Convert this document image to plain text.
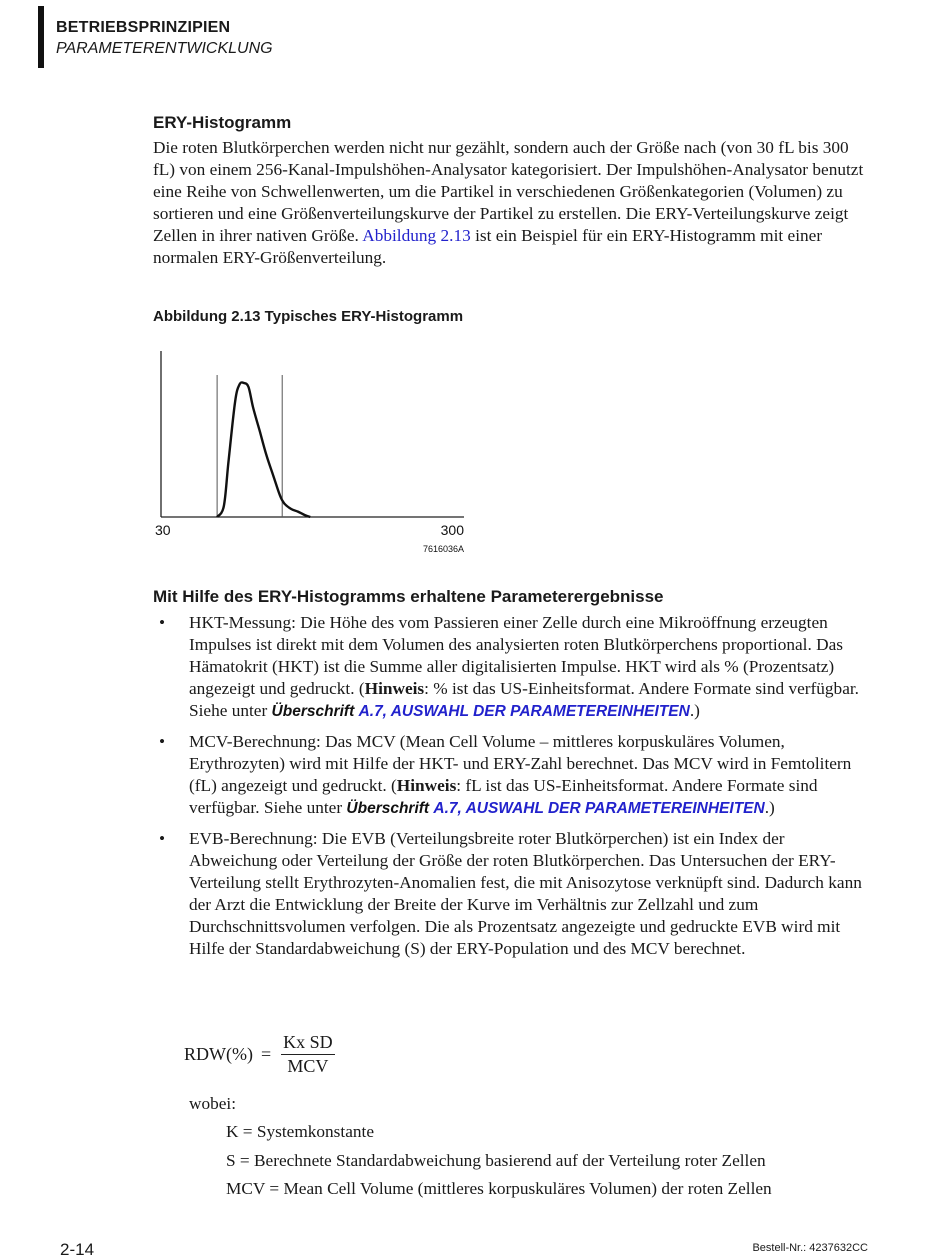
BETRIEBSPRINZIPIEN
PARAMETERENTWICKLUNG
ERY-Histogramm

Die roten Blutkörperchen werden nicht nur gezählt, sondern auch der Größe nach (von 30 fL bis 300 fL) von einem 256-Kanal-Impulshöhen-Analysator kategorisiert. Der Impulshöhen-Analysator benutzt eine Reihe von Schwellenwerten, um die Partikel in verschiedenen Größenkategorien (Volumen) zu sortieren und eine Größenverteilungskurve der Partikel zu erstellen. Die ERY-Verteilungskurve zeigt Zellen in ihrer nativen Größe. Abbildung 2.13 ist ein Beispiel für ein ERY-Histogramm mit einer normalen ERY-Größenverteilung.

Abbildung 2.13 Typisches ERY-Histogramm
30	300
7616036A
Mit Hilfe des ERY-Histogramms erhaltene Parameterergebnisse
• HKT-Messung: Die Höhe des vom Passieren einer Zelle durch eine Mikroöffnung erzeugten Impulses ist direkt mit dem Volumen des analysierten roten Blutkörperchens proportional. Das Hämatokrit (HKT) ist die Summe aller digitalisierten Impulse. HKT wird als % (Prozentsatz) angezeigt und gedruckt. (Hinweis: % ist das US-Einheitsformat. Andere Formate sind verfügbar. Siehe unter Überschrift A.7, AUSWAHL DER PARAMETEREINHEITEN.)
• MCV-Berechnung: Das MCV (Mean Cell Volume – mittleres korpuskuläres Volumen, Erythrozyten) wird mit Hilfe der HKT- und ERY-Zahl berechnet. Das MCV wird in Femtolitern (fL) angezeigt und gedruckt. (Hinweis: fL ist das US-Einheitsformat. Andere Formate sind verfügbar. Siehe unter Überschrift A.7, AUSWAHL DER PARAMETEREINHEITEN.)
• EVB-Berechnung: Die EVB (Verteilungsbreite roter Blutkörperchen) ist ein Index der Abweichung oder Verteilung der Größe der roten Blutkörperchen. Das Untersuchen der ERY-Verteilung stellt Erythrozyten-Anomalien fest, die mit Anisozytose verknüpft sind. Dadurch kann der Arzt die Entwicklung der Breite der Kurve im Verhältnis zur Zellzahl und zum Durchschnittsvolumen verfolgen. Die als Prozentsatz angezeigte und gedruckte EVB wird mit Hilfe der Standardabweichung (S) der ERY-Population und des MCV berechnet.
$RDW(\%) = \frac{\text{Kx SD}}{\text{MCV}}$
wobei:
K = Systemkonstante
S = Berechnete Standardabweichung basierend auf der Verteilung roter Zellen
MCV = Mean Cell Volume (mittleres korpuskuläres Volumen) der roten Zellen
2-14	Bestell-Nr.: 4237632CC
